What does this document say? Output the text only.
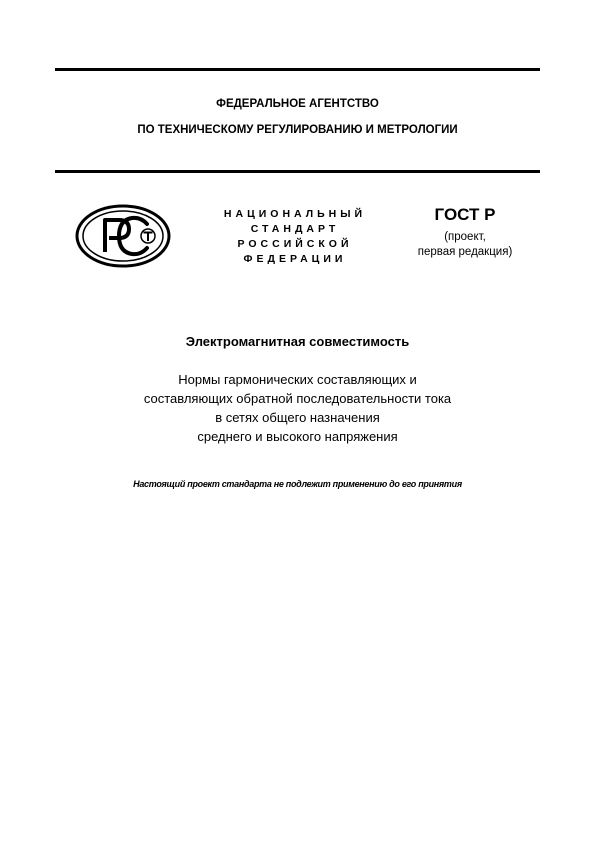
ФЕДЕРАЛЬНОЕ АГЕНТСТВО
ПО ТЕХНИЧЕСКОМУ РЕГУЛИРОВАНИЮ И МЕТРОЛОГИИ
НАЦИОНАЛЬНЫЙ
СТАНДАРТ
РОССИЙСКОЙ
ФЕДЕРАЦИИ
ГОСТ Р
(проект,
первая редакция)
Электромагнитная совместимость
Нормы гармонических составляющих и
составляющих обратной последовательности тока
в сетях общего назначения
среднего и высокого напряжения
Настоящий проект стандарта не подлежит применению до его принятия
